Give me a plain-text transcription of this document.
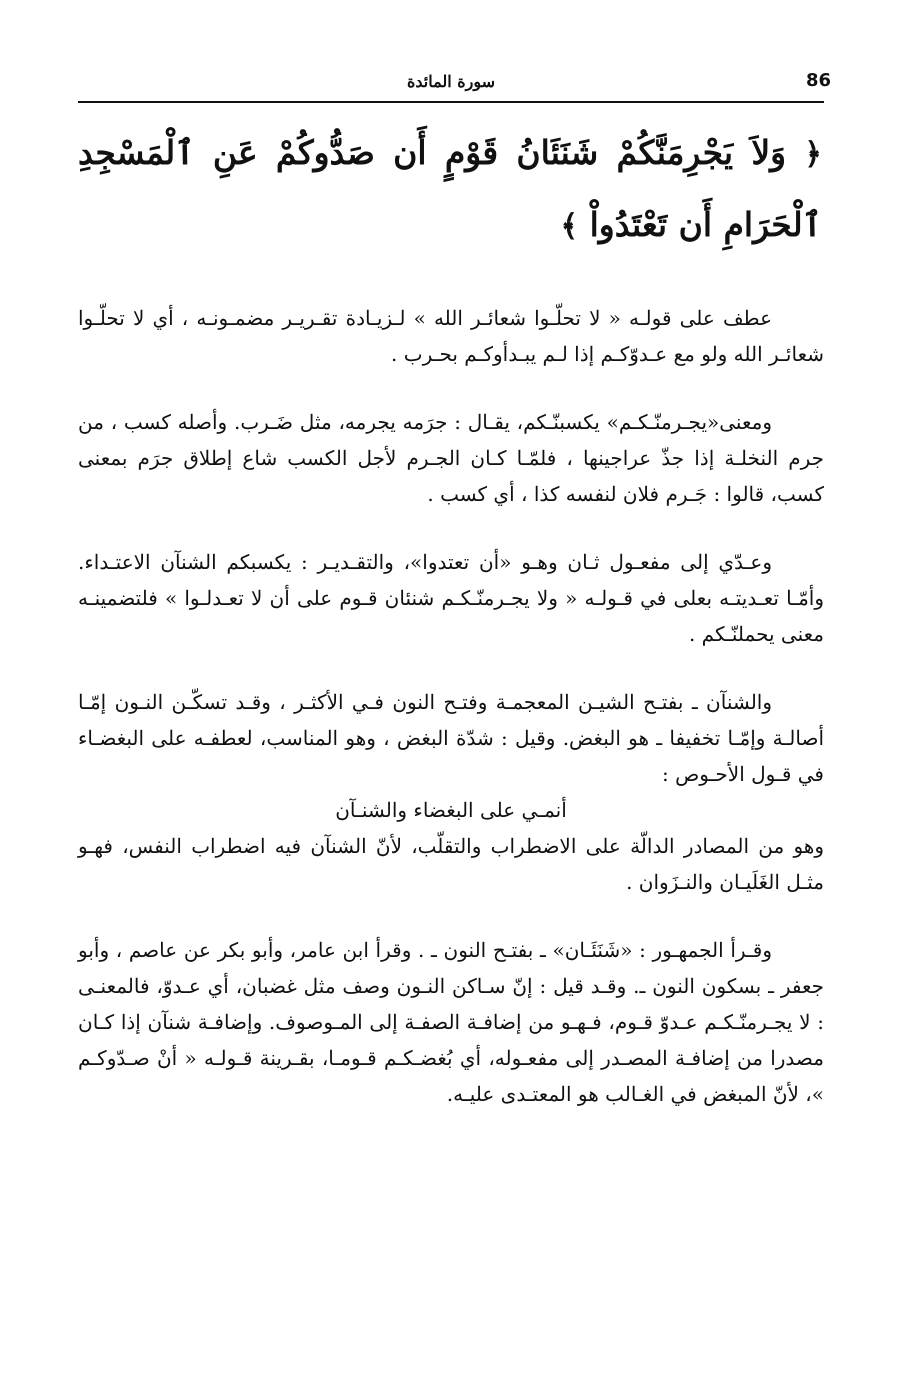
86
سورة المائدة

﴿ وَلاَ يَجْرِمَنَّكُمْ شَنَئَانُ قَوْمٍ أَن صَدُّوكُمْ عَنِ ٱلْمَسْجِدِ ٱلْحَرَامِ أَن تَعْتَدُواْ ﴾

عطف على قولـه « لا تحلّـوا شعائـر الله » لـزيـادة تقـريـر مضمـونـه ، أي لا تحلّـوا شعائـر الله ولو مع عـدوّكـم إذا لـم يبـدأوكـم بحـرب .

ومعنى«يجـرمنّـكـم» يكسبنّـكم، يقـال : جرَمه يجرمه، مثل ضَـرب. وأصله كسب ، من جرم النخلـة إذا جذّ عراجينها ، فلمّـا كـان الجـرم لأجل الكسب شاع إطلاق جرَم بمعنى كسب، قالوا : جَـرم فلان لنفسه كذا ، أي كسب .

وعـدّي إلى مفعـول ثـان وهـو «أن تعتدوا»، والتقـديـر : يكسبكم الشنآن الاعتـداء. وأمّـا تعـديتـه بعلى في قـولـه « ولا يجـرمنّـكـم شنئان قـوم على أن لا تعـدلـوا » فلتضمينـه معنى يحملنّـكم .

والشنآن ـ بفتـح الشيـن المعجمـة وفتـح النون فـي الأكثـر ، وقـد تسكّـن النـون إمّـا أصالـة وإمّـا تخفيفا ـ هو البغض. وقيل : شدّة البغض ، وهو المناسب، لعطفـه على البغضـاء في قـول الأحـوص :

أنمـي على البغضاء والشنـآن

وهو من المصادر الدالّة على الاضطراب والتقلّب، لأنّ الشنآن فيه اضطراب النفس، فهـو مثـل الغَلَيـان والنـزَوان .

وقـرأ الجمهـور : «شَنَئَـان» ـ بفتـح النون ـ . وقرأ ابن عامر، وأبو بكر عن عاصم ، وأبو جعفر ـ بسكون النون ـ. وقـد قيل : إنّ سـاكن النـون وصف مثل غضبان، أي عـدوّ، فالمعنـى : لا يجـرمنّـكـم عـدوّ قـوم، فـهـو من إضافـة الصفـة إلى المـوصوف. وإضافـة شنآن إذا كـان مصدرا من إضافـة المصـدر إلى مفعـوله، أي بُغضـكـم قـومـا، بقـرينة قـولـه « أنْ صـدّوكـم »، لأنّ المبغض في الغـالب هو المعتـدى عليـه.
